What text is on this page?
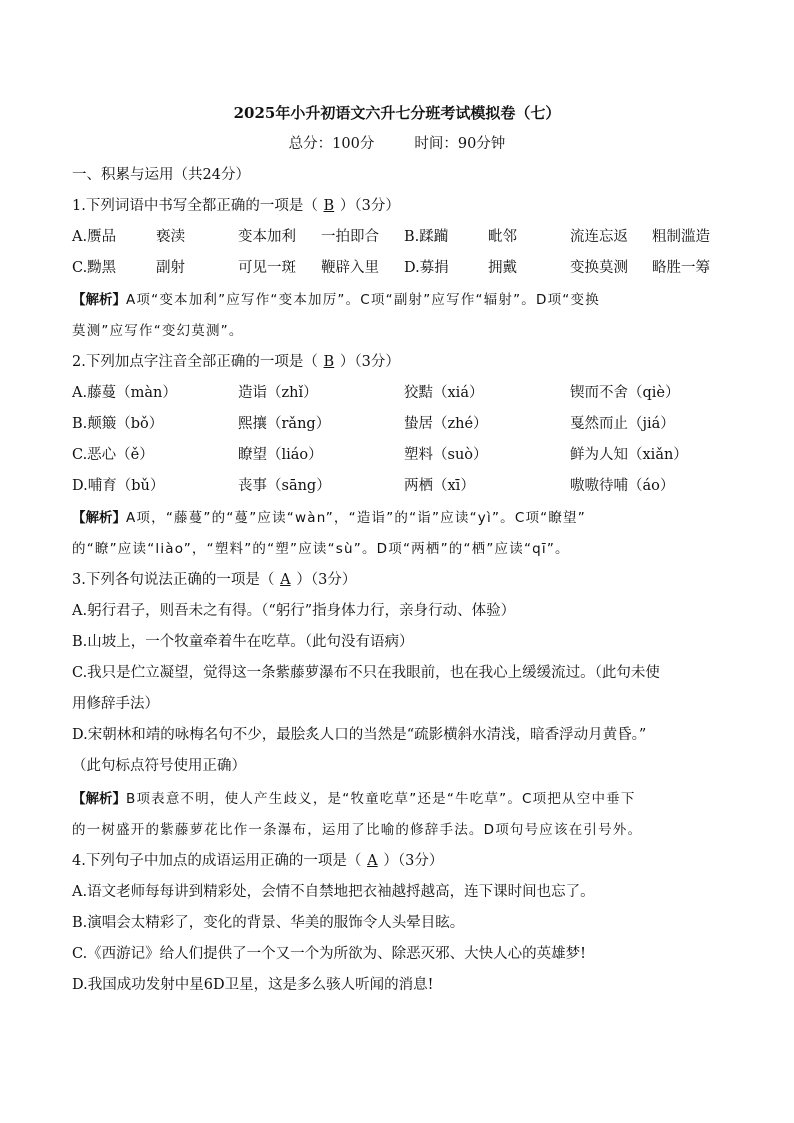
2025年小升初语文六升七分班考试模拟卷（七）
总分：100分	时间：90分钟
一、积累与运用（共24分）
1.下列词语中书写全都正确的一项是（ B ）（3分）
A.赝品	亵渎	变本加利 一拍即合 B.蹂躏	毗邻	流连忘返 粗制滥造
C.黝黑	副射	可见一斑 鞭辟入里 D.募捐	拥戴	变换莫测 略胜一筹
【解析】A项“变本加利”应写作“变本加厉”。C项“副射”应写作“辐射”。D项“变换
莫测”应写作“变幻莫测”。
2.下列加点字注音全部正确的一项是（ B ）（3分）
A.藤蔓（màn）	造诣（zhǐ）	狡黠（xiá）	锲而不舍（qiè）
B.颠簸（bǒ）	熙攘（rǎng）	蛰居（zhé）	戛然而止（jiá）
C.恶心（ě）	瞭望（liáo）	塑料（suò）	鲜为人知（xiǎn）
D.哺育（bǔ）	丧事（sāng）	两栖（xī）	嗷嗷待哺（áo）
【解析】A项，“藤蔓”的“蔓”应读“wàn”，“造诣”的“诣”应读“yì”。C项“瞭望”
的“瞭”应读“liào”，“塑料”的“塑”应读“sù”。D项“两栖”的“栖”应读“qī”。
3.下列各句说法正确的一项是（ A ）（3分）
A.躬行君子，则吾未之有得。（“躬行”指身体力行，亲身行动、体验）
B.山坡上，一个牧童牵着牛在吃草。（此句没有语病）
C.我只是伫立凝望，觉得这一条紫藤萝瀑布不只在我眼前，也在我心上缓缓流过。（此句未使
用修辞手法）
D.宋朝林和靖的咏梅名句不少，最脍炙人口的当然是“疏影横斜水清浅，暗香浮动月黄昏。”
（此句标点符号使用正确）
【解析】B项表意不明，使人产生歧义，是“牧童吃草”还是“牛吃草”。C项把从空中垂下
的一树盛开的紫藤萝花比作一条瀑布，运用了比喻的修辞手法。D项句号应该在引号外。
4.下列句子中加点的成语运用正确的一项是（ A ）（3分）
A.语文老师每每讲到精彩处，会情不自禁地把衣袖越捋越高，连下课时间也忘了。
B.演唱会太精彩了，变化的背景、华美的服饰令人头晕目眩。
C.《西游记》给人们提供了一个又一个为所欲为、除恶灭邪、大快人心的英雄梦!
D.我国成功发射中星6D卫星，这是多么骇人听闻的消息!
